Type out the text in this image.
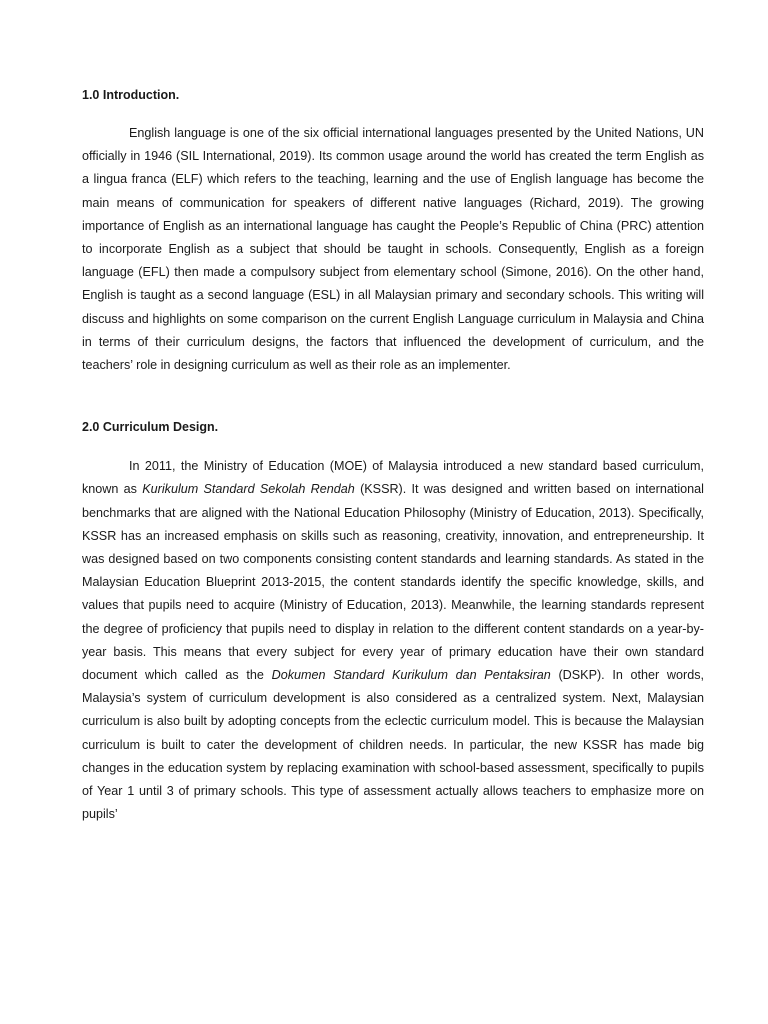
1.0 Introduction.

English language is one of the six official international languages presented by the United Nations, UN officially in 1946 (SIL International, 2019). Its common usage around the world has created the term English as a lingua franca (ELF) which refers to the teaching, learning and the use of English language has become the main means of communication for speakers of different native languages (Richard, 2019). The growing importance of English as an international language has caught the People’s Republic of China (PRC) attention to incorporate English as a subject that should be taught in schools. Consequently, English as a foreign language (EFL) then made a compulsory subject from elementary school (Simone, 2016). On the other hand, English is taught as a second language (ESL) in all Malaysian primary and secondary schools. This writing will discuss and highlights on some comparison on the current English Language curriculum in Malaysia and China in terms of their curriculum designs, the factors that influenced the development of curriculum, and the teachers’ role in designing curriculum as well as their role as an implementer.

2.0 Curriculum Design.

In 2011, the Ministry of Education (MOE) of Malaysia introduced a new standard based curriculum, known as Kurikulum Standard Sekolah Rendah (KSSR). It was designed and written based on international benchmarks that are aligned with the National Education Philosophy (Ministry of Education, 2013). Specifically, KSSR has an increased emphasis on skills such as reasoning, creativity, innovation, and entrepreneurship. It was designed based on two components consisting content standards and learning standards. As stated in the Malaysian Education Blueprint 2013-2015, the content standards identify the specific knowledge, skills, and values that pupils need to acquire (Ministry of Education, 2013). Meanwhile, the learning standards represent the degree of proficiency that pupils need to display in relation to the different content standards on a year-by-year basis. This means that every subject for every year of primary education have their own standard document which called as the Dokumen Standard Kurikulum dan Pentaksiran (DSKP). In other words, Malaysia’s system of curriculum development is also considered as a centralized system. Next, Malaysian curriculum is also built by adopting concepts from the eclectic curriculum model. This is because the Malaysian curriculum is built to cater the development of children needs. In particular, the new KSSR has made big changes in the education system by replacing examination with school-based assessment, specifically to pupils of Year 1 until 3 of primary schools. This type of assessment actually allows teachers to emphasize more on pupils’
